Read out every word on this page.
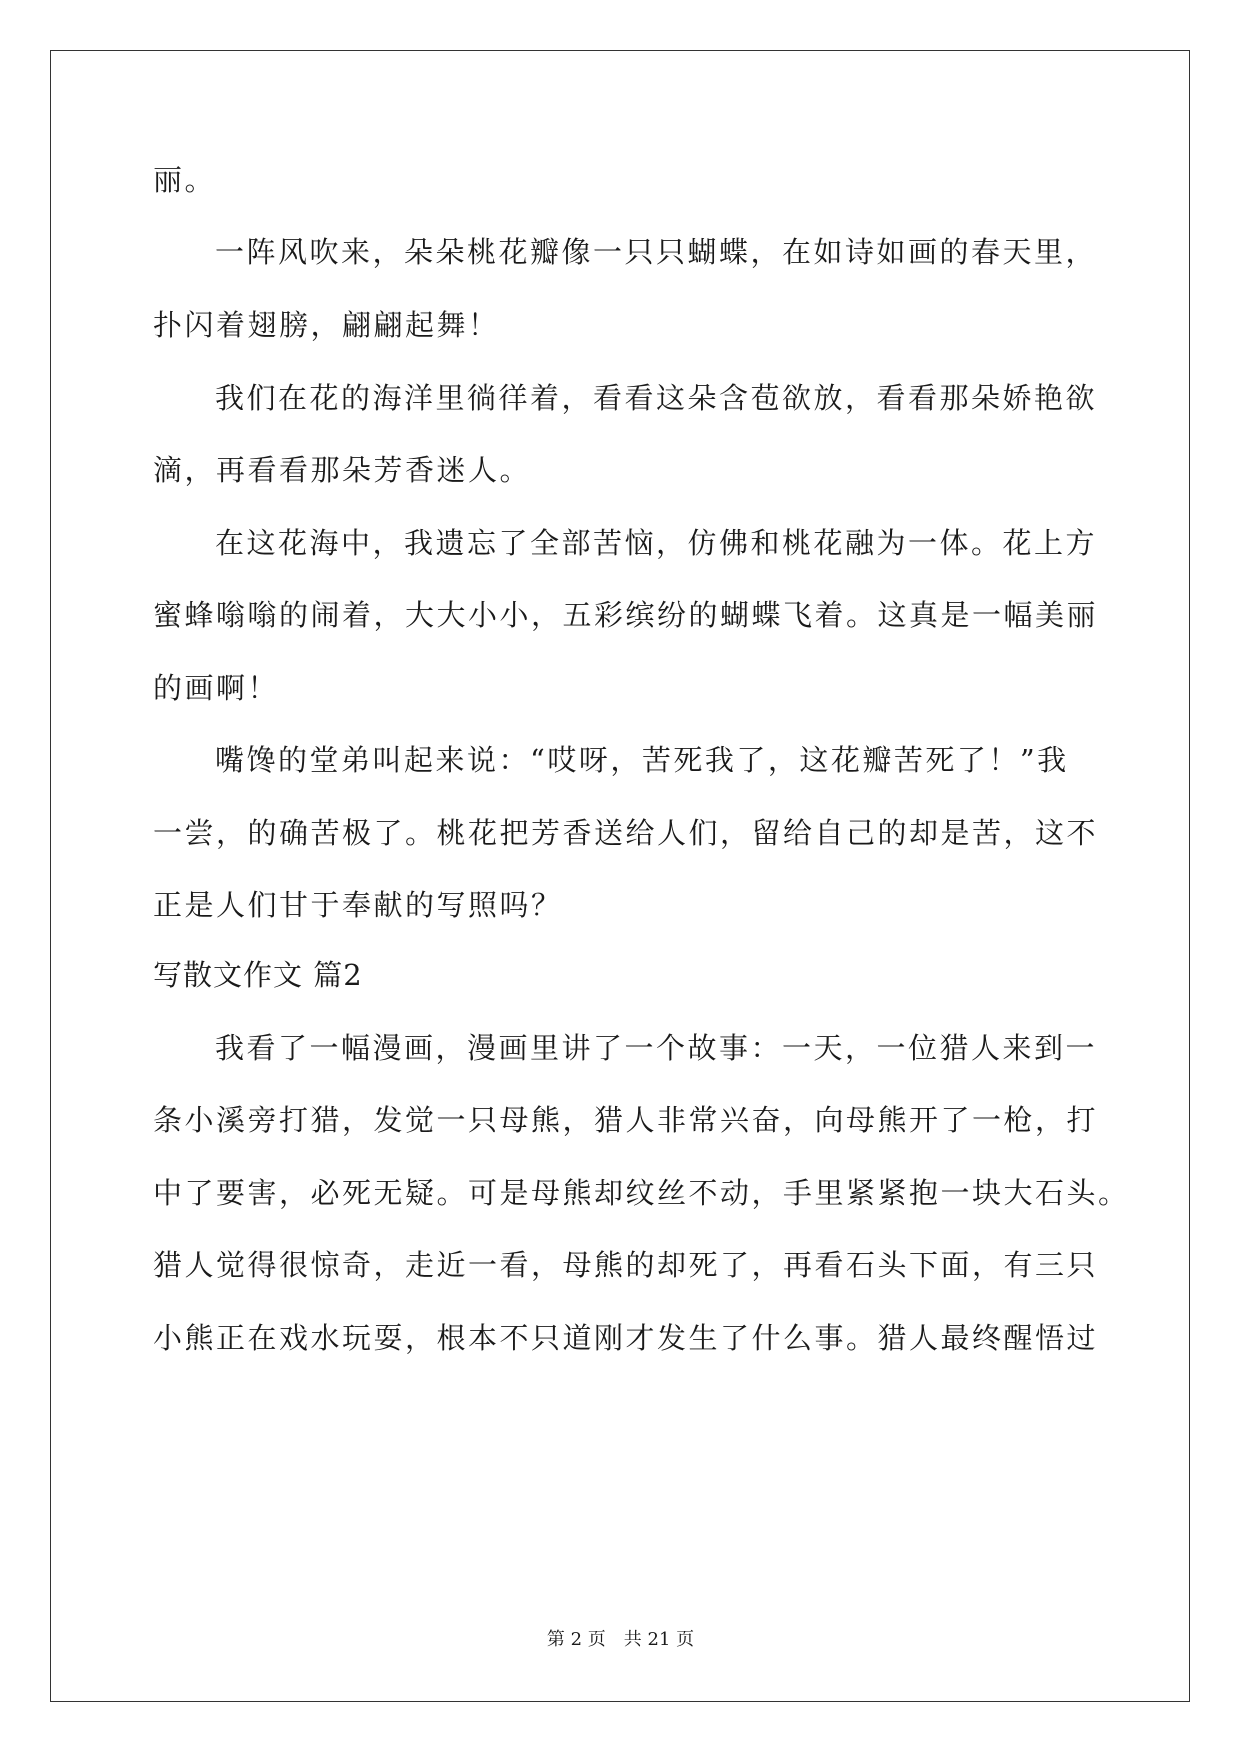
丽。
一阵风吹来，朵朵桃花瓣像一只只蝴蝶，在如诗如画的春天里，
扑闪着翅膀，翩翩起舞！
我们在花的海洋里徜徉着，看看这朵含苞欲放，看看那朵娇艳欲
滴，再看看那朵芳香迷人。
在这花海中，我遗忘了全部苦恼，仿佛和桃花融为一体。花上方
蜜蜂嗡嗡的闹着，大大小小，五彩缤纷的蝴蝶飞着。这真是一幅美丽
的画啊！
嘴馋的堂弟叫起来说：“哎呀，苦死我了，这花瓣苦死了！”我
一尝，的确苦极了。桃花把芳香送给人们，留给自己的却是苦，这不
正是人们甘于奉献的写照吗？
写散文作文 篇2
我看了一幅漫画，漫画里讲了一个故事：一天，一位猎人来到一
条小溪旁打猎，发觉一只母熊，猎人非常兴奋，向母熊开了一枪，打
中了要害，必死无疑。可是母熊却纹丝不动，手里紧紧抱一块大石头。
猎人觉得很惊奇，走近一看，母熊的却死了，再看石头下面，有三只
小熊正在戏水玩耍，根本不只道刚才发生了什么事。猎人最终醒悟过
第 2 页　共 21 页
